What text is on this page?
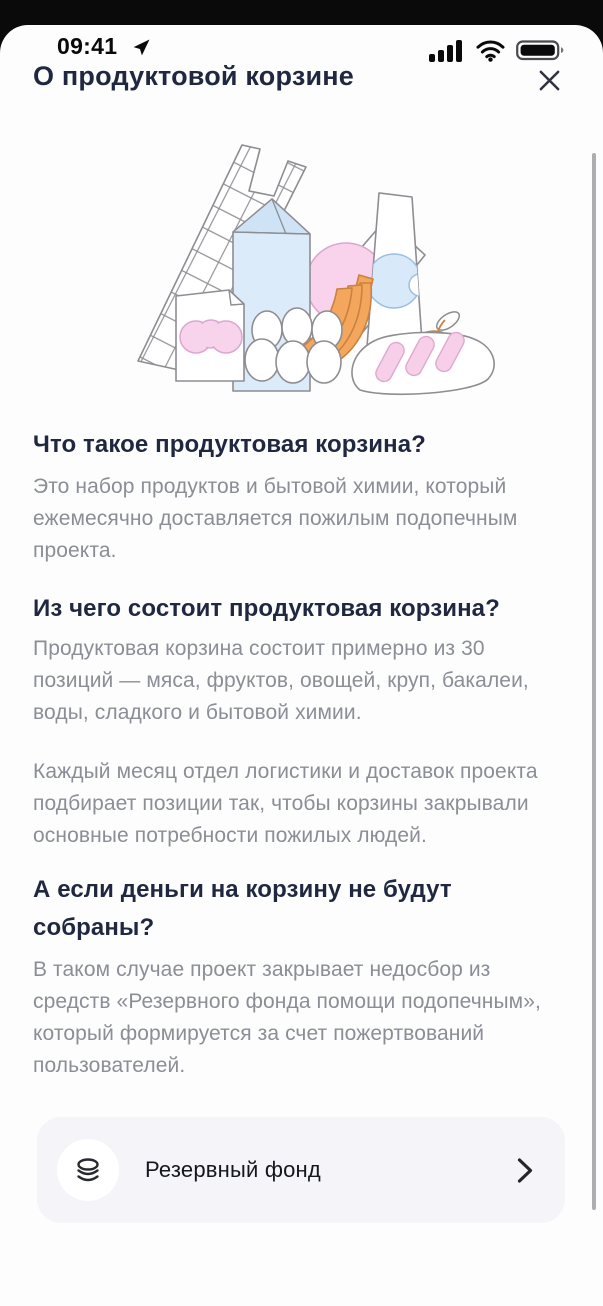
09:41
О продуктовой корзине
Что такое продуктовая корзина?

Это набор продуктов и бытовой химии, который ежемесячно доставляется пожилым подопечным проекта.

Из чего состоит продуктовая корзина?

Продуктовая корзина состоит примерно из 30 позиций — мяса, фруктов, овощей, круп, бакалеи, воды, сладкого и бытовой химии.

Каждый месяц отдел логистики и доставок проекта подбирает позиции так, чтобы корзины закрывали основные потребности пожилых людей.

А если деньги на корзину не будут собраны?

В таком случае проект закрывает недосбор из средств «Резервного фонда помощи подопечным», который формируется за счет пожертвований пользователей.

Резервный фонд
